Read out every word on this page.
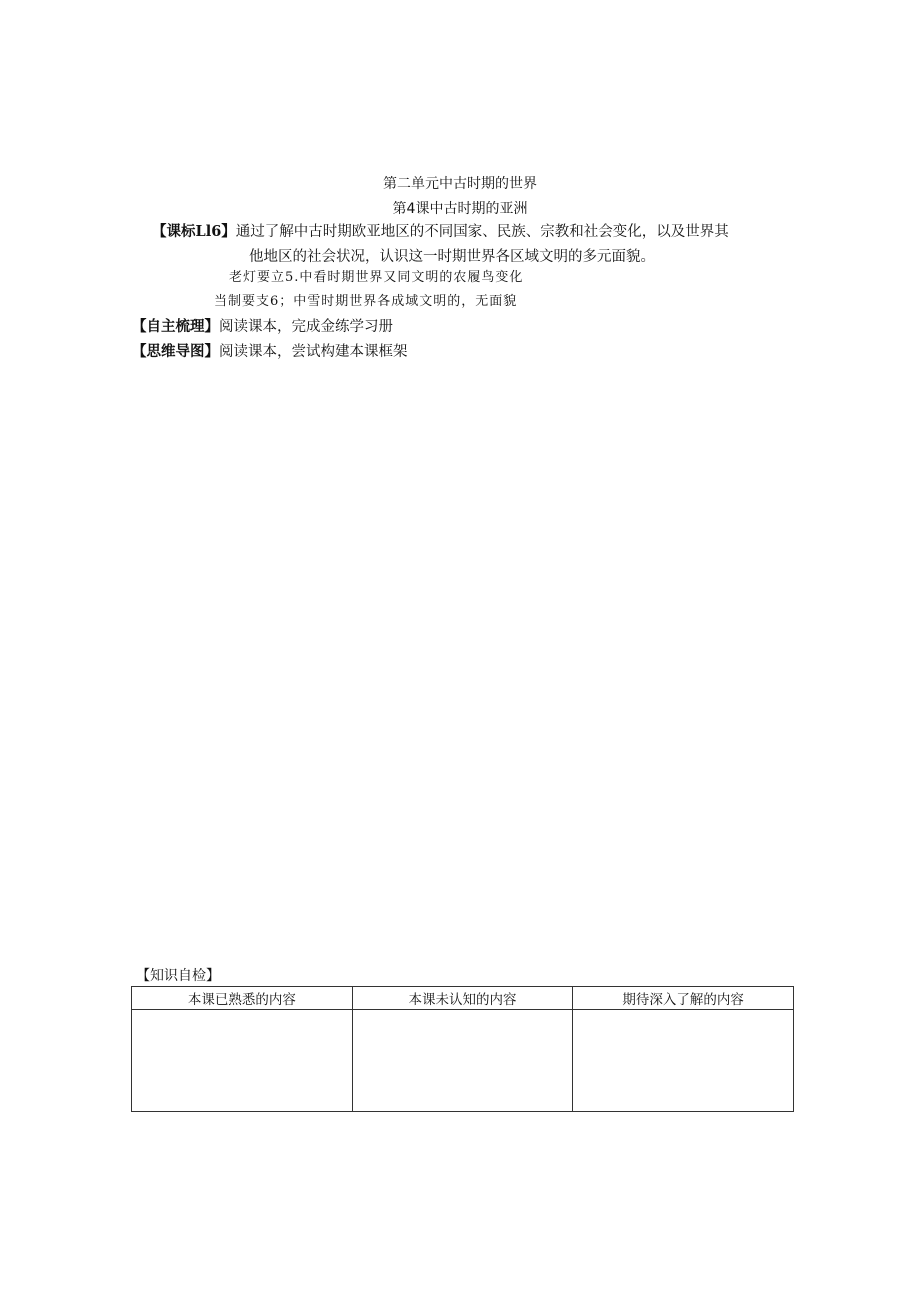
第二单元中古时期的世界
第4课中古时期的亚洲
【课标Ll6】通过了解中古时期欧亚地区的不同国家、民族、宗教和社会变化，以及世界其
他地区的社会状况，认识这一时期世界各区域文明的多元面貌。
老灯要立5.中看时期世界又同文明的农履鸟变化
当制要支6；中雪时期世界各成域文明的，无面貌
【自主梳理】阅读课本，完成金练学习册
【思维导图】阅读课本，尝试构建本课框架
【知识自检】
本课已熟悉的内容	本课未认知的内容	期待深入了解的内容
